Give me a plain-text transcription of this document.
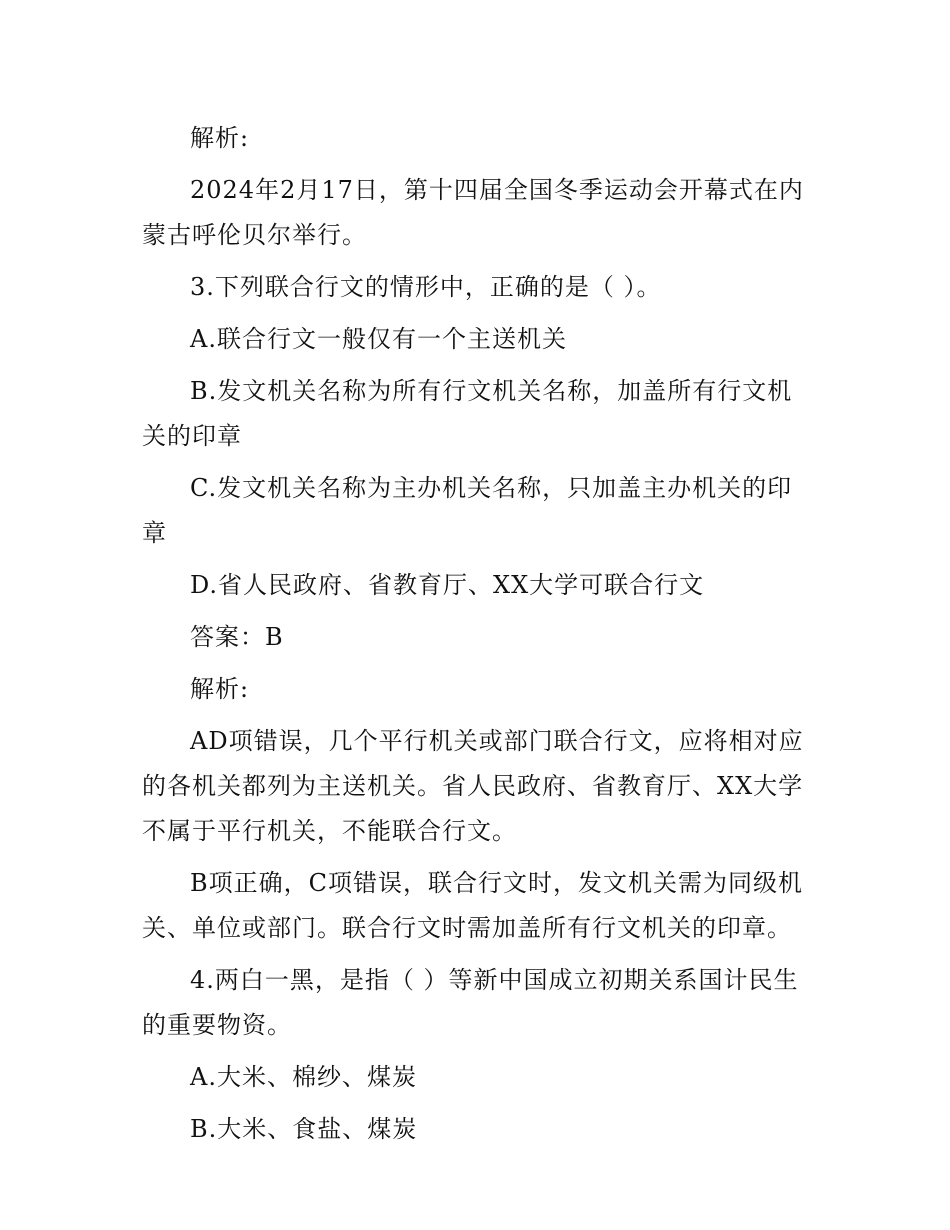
解析:

2024年2月17日，第十四届全国冬季运动会开幕式在内蒙古呼伦贝尔举行。

3.下列联合行文的情形中，正确的是（ ）。

A.联合行文一般仅有一个主送机关

B.发文机关名称为所有行文机关名称，加盖所有行文机关的印章

C.发文机关名称为主办机关名称，只加盖主办机关的印章

D.省人民政府、省教育厅、XX大学可联合行文

答案：B

解析:

AD项错误，几个平行机关或部门联合行文，应将相对应的各机关都列为主送机关。省人民政府、省教育厅、XX大学不属于平行机关，不能联合行文。

B项正确，C项错误，联合行文时，发文机关需为同级机关、单位或部门。联合行文时需加盖所有行文机关的印章。

4.两白一黑，是指（ ）等新中国成立初期关系国计民生的重要物资。

A.大米、棉纱、煤炭

B.大米、食盐、煤炭
